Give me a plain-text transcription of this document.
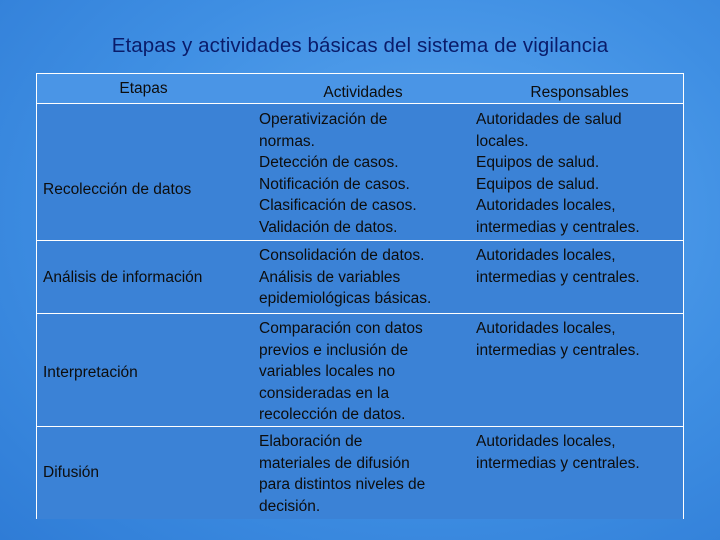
Etapas y actividades básicas del sistema de vigilancia
Etapas	Actividades	Responsables
Recolección de datos
Operativización de
normas.
Detección de casos.
Notificación de casos.
Clasificación de casos.
Validación de datos.
Autoridades de salud
locales.
Equipos de salud.
Equipos de salud.
Autoridades locales,
intermedias y centrales.
Análisis de información
Consolidación de datos.
Análisis de variables
epidemiológicas básicas.
Autoridades locales,
intermedias y centrales.
Interpretación
Comparación con datos
previos e inclusión de
variables locales no
consideradas en la
recolección de datos.
Autoridades locales,
intermedias y centrales.
Difusión
Elaboración de
materiales de difusión
para distintos niveles de
decisión.
Autoridades locales,
intermedias y centrales.
